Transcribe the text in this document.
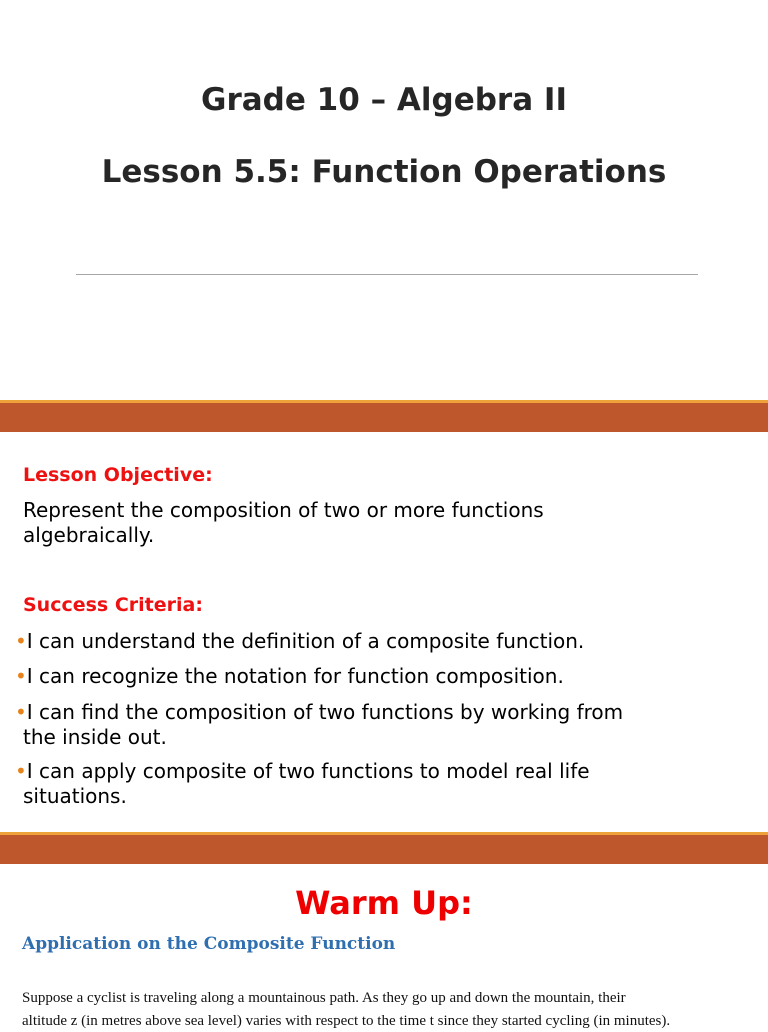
Grade 10 – Algebra II
Lesson 5.5: Function Operations
Lesson Objective:
Represent the composition of two or more functions
algebraically.
Success Criteria:
•I can understand the definition of a composite function.
•I can recognize the notation for function composition.
•I can find the composition of two functions by working from
the inside out.
•I can apply composite of two functions to model real life
situations.
Warm Up:
Application on the Composite Function
Suppose a cyclist is traveling along a mountainous path. As they go up and down the mountain, their
altitude z (in metres above sea level) varies with respect to the time t since they started cycling (in minutes).
